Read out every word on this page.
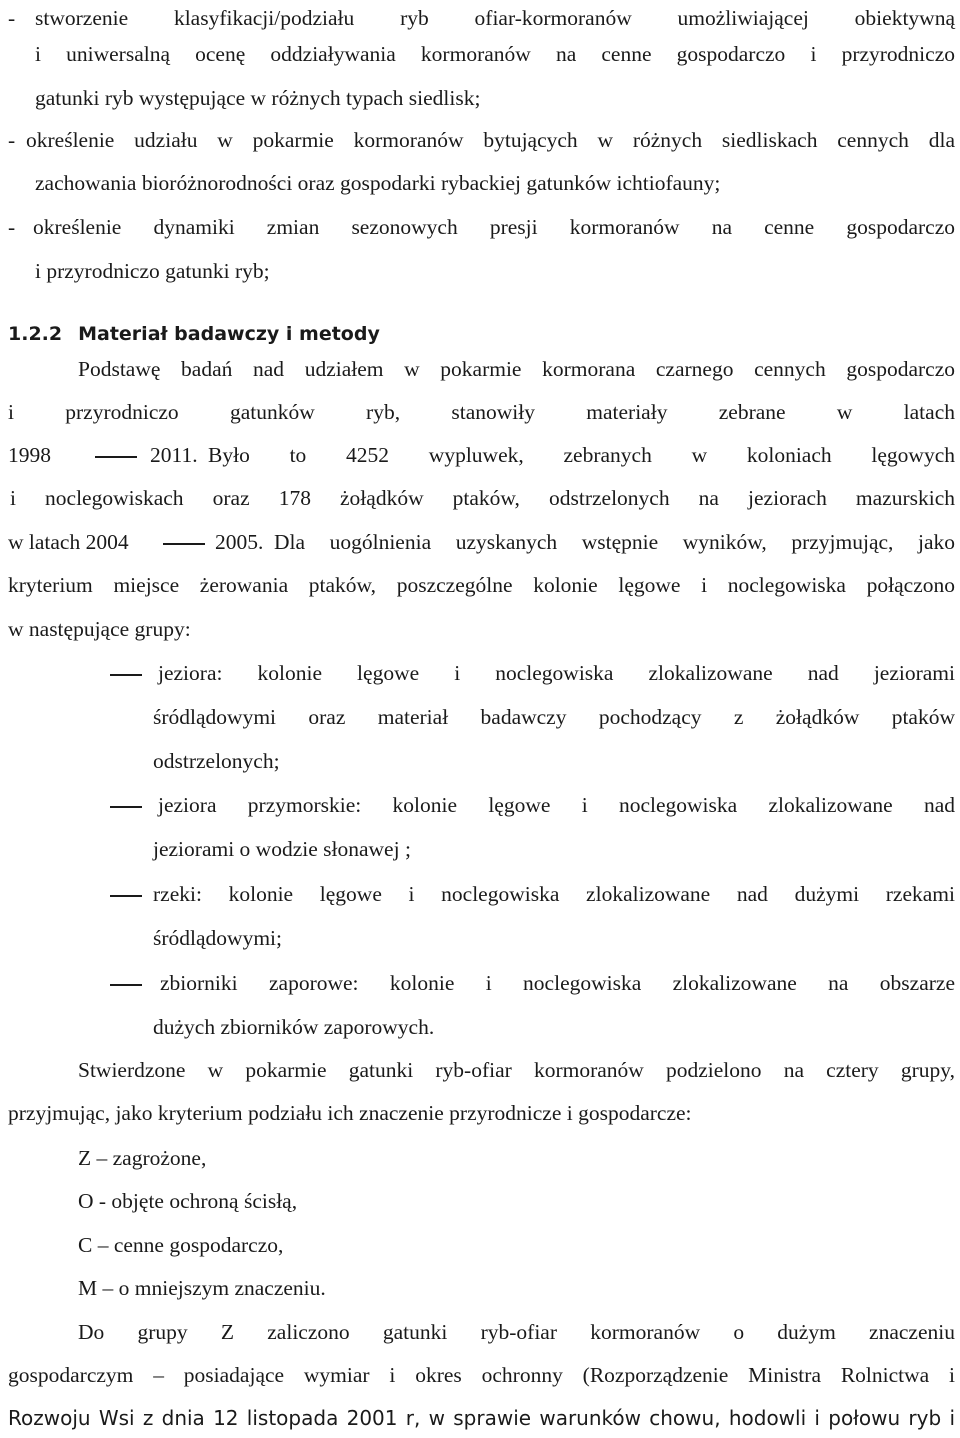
- stworzenie klasyfikacji/podziału ryb ofiar-kormoranów umożliwiającej obiektywną
i uniwersalną ocenę oddziaływania kormoranów na cenne gospodarczo i przyrodniczo
gatunki ryb występujące w różnych typach siedlisk;
- określenie udziału w pokarmie kormoranów bytujących w różnych siedliskach cennych dla
zachowania bioróżnorodności oraz gospodarki rybackiej gatunków ichtiofauny;
- określenie dynamiki zmian sezonowych presji kormoranów na cenne gospodarczo
i przyrodniczo gatunki ryb;
1.2.2 Materiał badawczy i metody
Podstawę badań nad udziałem w pokarmie kormorana czarnego cennych gospodarczo
i przyrodniczo gatunków ryb, stanowiły materiały zebrane w latach
1998	2011. Było to 4252 wypluwek, zebranych w koloniach lęgowych
i noclegowiskach oraz 178 żołądków ptaków, odstrzelonych na jeziorach mazurskich
w latach 2004	2005. Dla uogólnienia uzyskanych wstępnie wyników, przyjmując, jako
kryterium miejsce żerowania ptaków, poszczególne kolonie lęgowe i noclegowiska połączono
w następujące grupy:
jeziora: kolonie lęgowe i noclegowiska zlokalizowane nad jeziorami
śródlądowymi oraz materiał badawczy pochodzący z żołądków ptaków
odstrzelonych;
jeziora przymorskie: kolonie lęgowe i noclegowiska zlokalizowane nad
jeziorami o wodzie słonawej ;
rzeki: kolonie lęgowe i noclegowiska zlokalizowane nad dużymi rzekami
śródlądowymi;
zbiorniki zaporowe: kolonie i noclegowiska zlokalizowane na obszarze
dużych zbiorników zaporowych.
Stwierdzone w pokarmie gatunki ryb-ofiar kormoranów podzielono na cztery grupy,
przyjmując, jako kryterium podziału ich znaczenie przyrodnicze i gospodarcze:
Z – zagrożone,
O - objęte ochroną ścisłą,
C – cenne gospodarczo,
M – o mniejszym znaczeniu.
Do grupy Z zaliczono gatunki ryb-ofiar kormoranów o dużym znaczeniu
gospodarczym – posiadające wymiar i okres ochronny (Rozporządzenie Ministra Rolnictwa i
Rozwoju Wsi z dnia 12 listopada 2001 r, w sprawie warunków chowu, hodowli i połowu ryb i
